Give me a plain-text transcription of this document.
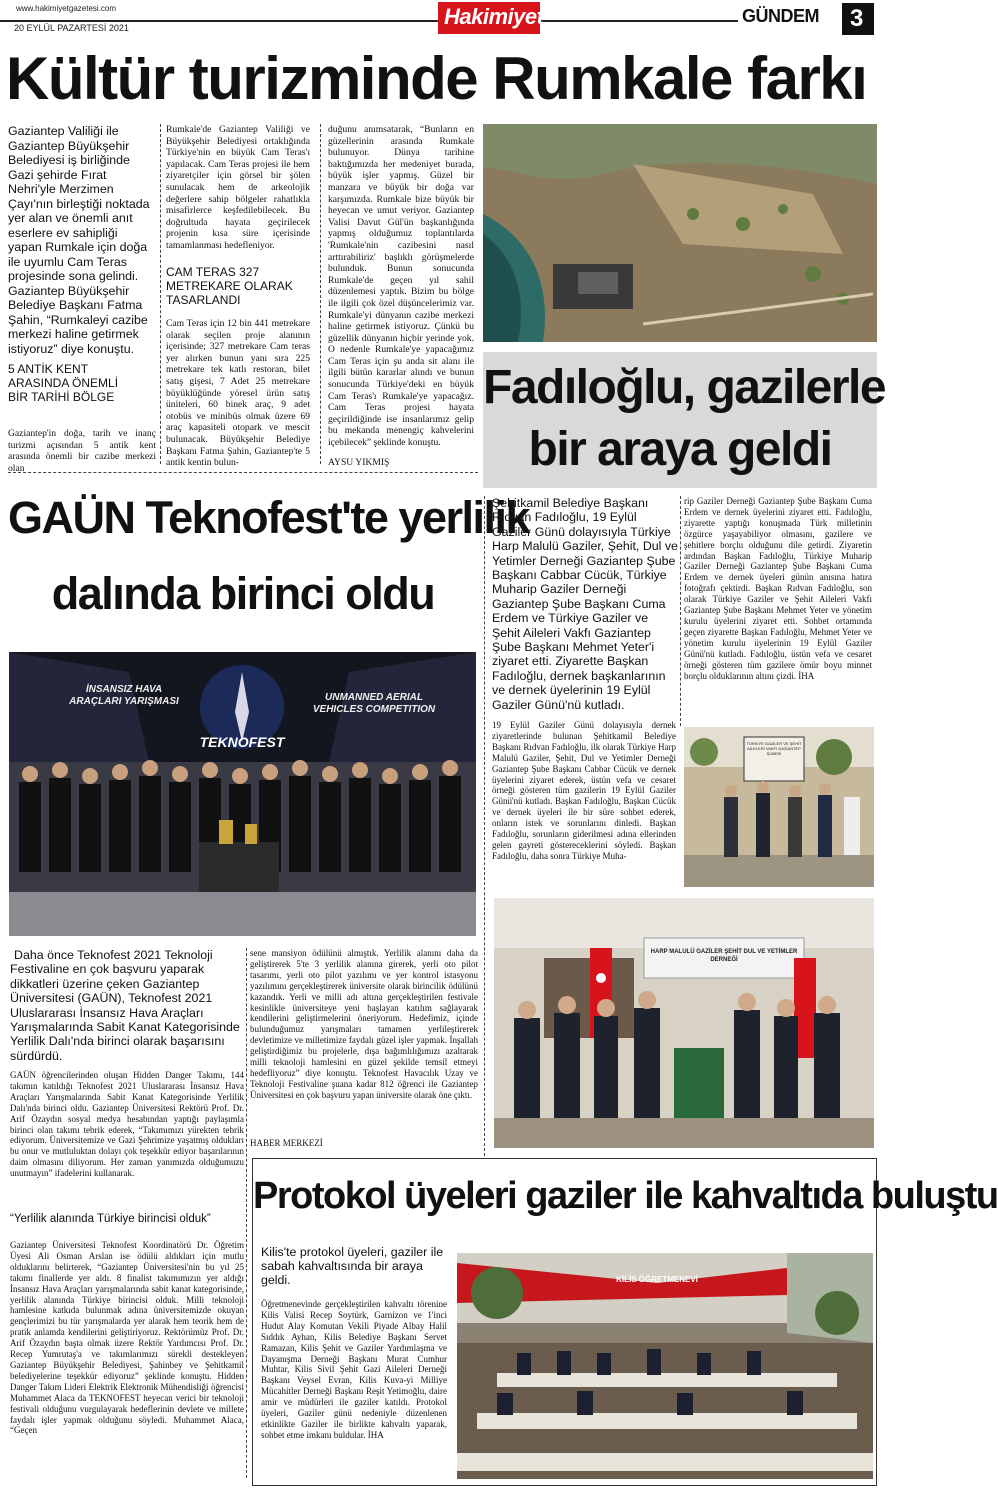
www.hakimiyetgazetesi.com
20 EYLÜL PAZARTESİ 2021	Hakimiyet	GÜNDEM 3
Kültür turizminde Rumkale farkı
Gaziantep Valiliği ile Gaziantep Büyükşehir Belediyesi iş birliğinde Gazi şehirde Fırat Nehri'yle Merzimen Çayı'nın birleştiği noktada yer alan ve önemli anıt eserlere ev sahipliği yapan Rumkale için doğa ile uyumlu Cam Teras projesinde sona gelindi. Gaziantep Büyükşehir Belediye Başkanı Fatma Şahin, “Rumkaleyi cazibe merkezi haline getirmek istiyoruz” diye konuştu.
5 ANTİK KENT ARASINDA ÖNEMLİ BİR TARİHİ BÖLGE
Gaziantep'in doğa, tarih ve inanç turizmi açısından 5 antik kent arasında önemli bir cazibe merkezi olan
Rumkale'de Gaziantep Valiliği ve Büyükşehir Belediyesi ortaklığında Türkiye'nin en büyük Cam Teras'ı yapılacak. Cam Teras projesi ile hem ziyaretçiler için görsel bir şölen sunulacak hem de arkeolojik değerlere sahip bölgeler rahatlıkla misafirlerce keşfedilebilecek. Bu doğrultuda hayata geçirilecek projenin kısa süre içerisinde tamamlanması hedefleniyor.
CAM TERAS 327 METREKARE OLARAK TASARLANDI
Cam Teras için 12 bin 441 metrekare olarak seçilen proje alanının içerisinde; 327 metrekare Cam teras yer alırken bunun yanı sıra 225 metrekare tek katlı restoran, bilet satış gişesi, 7 Adet 25 metrekare büyüklüğünde yöresel ürün satış üniteleri, 60 binek araç, 9 adet otobüs ve minibüs olmak üzere 69 araç kapasiteli otopark ve mescit bulunacak. Büyükşehir Belediye Başkanı Fatma Şahin, Gaziantep'te 5 antik kentin bulun-
duğunu anımsatarak, “Bunların en güzellerinin arasında Rumkale bulunuyor. Dünya tarihine baktığımızda her medeniyet burada, büyük işler yapmış. Güzel bir manzara ve büyük bir doğa var karşımızda. Rumkale bize büyük bir heyecan ve umut veriyor. Gaziantep Valisi Davut Gül'ün başkanlığında yapmış olduğumuz toplantılarda 'Rumkale'nin cazibesini nasıl arttırabiliriz' başlıklı görüşmelerde bulunduk. Bunun sonucunda Rumkale'de geçen yıl sahil düzenlemesi yaptık. Bizim bu bölge ile ilgili çok özel düşüncelerimiz var. Rumkale'yi dünyanın cazibe merkezi haline getirmek istiyoruz. Çünkü bu güzellik dünyanın hiçbir yerinde yok. O nedenle Rumkale'ye yapacağımız Cam Teras için şu anda sit alanı ile ilgili bütün kararlar alındı ve bunun sonucunda Türkiye'deki en büyük Cam Teras'ı Rumkale'ye yapacağız. Cam Teras projesi hayata geçirildiğinde ise insanlarımız gelip bu mekanda menengiç kahvelerini içebilecek” şeklinde konuştu.
AYSU YIKMIŞ
Fadıloğlu, gazilerle
bir araya geldi
Şehitkamil Belediye Başkanı Rıdvan Fadıloğlu, 19 Eylül Gaziler Günü dolayısıyla Türkiye Harp Malulü Gaziler, Şehit, Dul ve Yetimler Derneği Gaziantep Şube Başkanı Cabbar Cücük, Türkiye Muharip Gaziler Derneği Gaziantep Şube Başkanı Cuma Erdem ve Türkiye Gaziler ve Şehit Aileleri Vakfı Gaziantep Şube Başkanı Mehmet Yeter'i ziyaret etti. Ziyarette Başkan Fadıloğlu, dernek başkanlarının ve dernek üyelerinin 19 Eylül Gaziler Günü'nü kutladı.
19 Eylül Gaziler Günü dolayısıyla dernek ziyaretlerinde bulunan Şehitkamil Belediye Başkanı Rıdvan Fadıloğlu, ilk olarak Türkiye Harp Malulü Gaziler, Şehit, Dul ve Yetimler Derneği Gaziantep Şube Başkanı Cabbar Cücük ve dernek üyelerini ziyaret ederek, üstün vefa ve cesaret örneği gösteren tüm gazilerin 19 Eylül Gaziler Günü'nü kutladı. Başkan Fadıloğlu, Başkan Cücük ve dernek üyeleri ile bir süre sohbet ederek, onların istek ve sorunlarını dinledi. Başkan Fadıloğlu, sorunların giderilmesi adına ellerinden gelen gayreti göstereceklerini söyledi. Başkan Fadıloğlu, daha sonra Türkiye Muha-
rip Gaziler Derneği Gaziantep Şube Başkanı Cuma Erdem ve dernek üyelerini ziyaret etti. Fadıloğlu, ziyarette yaptığı konuşmada Türk milletinin özgürce yaşayabiliyor olmasını, gazilere ve şehitlere borçlu olduğunu dile getirdi. Ziyaretin ardından Başkan Fadıloğlu, Türkiye Muharip Gaziler Derneği Gaziantep Şube Başkanı Cuma Erdem ve dernek üyeleri günün anısına hatıra fotoğrafı çektirdi. Başkan Rıdvan Fadıloğlu, son olarak Türkiye Gaziler ve Şehit Aileleri Vakfı Gaziantep Şube Başkanı Mehmet Yeter ve yönetim kurulu üyelerini ziyaret etti. Sohbet ortamında geçen ziyarette Başkan Fadıloğlu, Mehmet Yeter ve yönetim kurulu üyelerinin 19 Eylül Gaziler Günü'nü kutladı. Fadıloğlu, üstün vefa ve cesaret örneği gösteren tüm gazilere ömür boyu minnet borçlu olduklarının altını çizdi. İHA
TÜRKİYE GAZİLER VE ŞEHİT AİLELERİ VAKFI GAZİANTEP ŞUBESİ
HARP MALULÜ GAZİLER ŞEHİT DUL VE YETİMLER DERNEĞİ
GAÜN Teknofest'te yerlilik
dalında birinci oldu
İNSANSIZ HAVA ARAÇLARI YARIŞMASI
TEKNOFEST
UNMANNED AERIAL VEHICLES COMPETITION
Daha önce Teknofest 2021 Teknoloji Festivaline en çok başvuru yaparak dikkatleri üzerine çeken Gaziantep Üniversitesi (GAÜN), Teknofest 2021 Uluslararası İnsansız Hava Araçları Yarışmalarında Sabit Kanat Kategorisinde Yerlilik Dalı'nda birinci olarak başarısını sürdürdü.
GAÜN öğrencilerinden oluşan Hidden Danger Takımı, 144 takımın katıldığı Teknofest 2021 Uluslararası İnsansız Hava Araçları Yarışmalarında Sabit Kanat Kategorisinde Yerlilik Dalı'nda birinci oldu. Gaziantep Üniversitesi Rektörü Prof. Dr. Arif Özaydın sosyal medya hesabından yaptığı paylaşımla birinci olan takımı tebrik ederek, “Takımımızı yürekten tebrik ediyorum. Üniversitemize ve Gazi Şehrimize yaşatmış oldukları bu onur ve mutluluktan dolayı çok teşekkür ediyor başarılarının daim olmasını diliyorum. Her zaman yanımızda olduğumuzu unutmayın” ifadelerini kullanarak.
“Yerlilik alanında Türkiye birincisi olduk”
Gaziantep Üniversitesi Teknofest Koordinatörü Dr. Öğretim Üyesi Ali Osman Arslan ise ödülü aldıkları için mutlu olduklarını belirterek, “Gaziantep Üniversitesi'nin bu yıl 25 takımı finallerde yer aldı. 8 finalist takımımızın yer aldığı İnsansız Hava Araçları yarışmalarında sabit kanat kategorisinde, yerlilik alanında Türkiye birincisi olduk. Milli teknoloji hamlesine katkıda bulunmak adına üniversitemizde okuyan gençlerimizi bu tür yarışmalarda yer alarak hem teorik hem de pratik anlamda kendilerini geliştiriyoruz. Rektörümüz Prof. Dr. Arif Özaydın başta olmak üzere Rektör Yardımcısı Prof. Dr. Recep Yumrutaş'a ve takımlarımızı sürekli destekleyen Gaziantep Büyükşehir Belediyesi, Şahinbey ve Şehitkamil belediyelerine teşekkür ediyoruz” şeklinde konuştu. Hidden Danger Takım Lideri Elektrik Elektronik Mühendisliği öğrencisi Muhammet Alaca da TEKNOFEST heyecan verici bir teknoloji festivali olduğunu vurgulayarak hedeflerinin devlete ve millete faydalı işler yapmak olduğunu söyledi. Muhammet Alaca, “Geçen
sene mansiyon ödülünü almıştık. Yerlilik alanını daha da geliştirerek 5'te 3 yerlilik alanına girerek, yerli oto pilot tasarımı, yerli oto pilot yazılımı ve yer kontrol istasyonu yazılımını gerçekleştirerek üniversite olarak birincilik ödülünü kazandık. Yerli ve milli adı altına gerçekleştirilen festivale kesinlikle üniversiteye yeni başlayan katılım sağlayarak kendilerini geliştirmelerini öneriyorum. Hedefimiz, içinde bulunduğumuz yarışmaları tamamen yerlileştirerek devletimize ve milletimize faydalı güzel işler yapmak. İnşallah geliştirdiğimiz bu projelerle, dışa bağımlılığımızı azaltarak milli teknoloji hamlesini en güzel şekilde temsil etmeyi hedefliyoruz” diye konuştu. Teknofest Havacılık Uzay ve Teknoloji Festivaline şuana kadar 812 öğrenci ile Gaziantep Üniversitesi en çok başvuru yapan üniversite olarak öne çıktı.
HABER MERKEZİ
Protokol üyeleri gaziler ile kahvaltıda buluştu
Kilis'te protokol üyeleri, gaziler ile sabah kahvaltısında bir araya geldi.
Öğretmenevinde gerçekleştirilen kahvaltı törenine Kilis Valisi Recep Soytürk, Garnizon ve 1'inci Hudut Alay Komutan Vekili Piyade Albay Halil Sıddık Ayhan, Kilis Belediye Başkanı Servet Ramazan, Kilis Şehit ve Gaziler Yardımlaşma ve Dayanışma Derneği Başkanı Murat Cumhur Muhtar, Kilis Sivil Şehit Gazi Aileleri Derneği Başkanı Veysel Evran, Kilis Kuva-yi Milliye Mücahitler Derneği Başkanı Reşit Yetimoğlu, daire amir ve müdürleri ile gaziler katıldı. Protokol üyeleri, Gaziler günü nedeniyle düzenlenen etkinlikte Gaziler ile birlikte kahvaltı yaparak, sohbet etme imkanı buldular. İHA
KİLİS ÖĞRETMENEVİ
